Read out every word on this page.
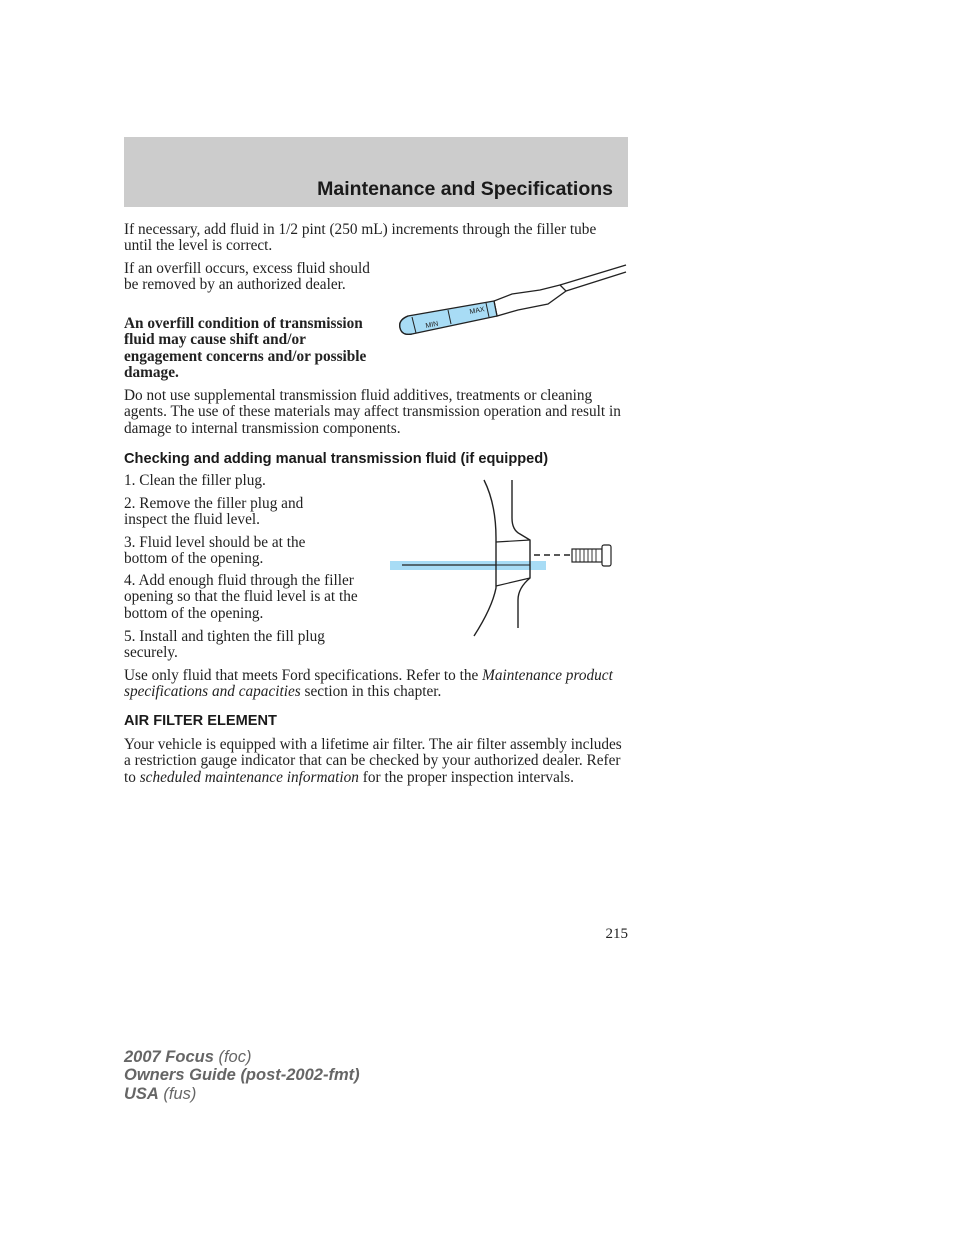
Maintenance and Specifications

If necessary, add fluid in 1/2 pint (250 mL) increments through the filler tube until the level is correct.

If an overfill occurs, excess fluid should be removed by an authorized dealer.

An overfill condition of transmission fluid may cause shift and/or engagement concerns and/or possible damage.

MIN
MAX

Do not use supplemental transmission fluid additives, treatments or cleaning agents. The use of these materials may affect transmission operation and result in damage to internal transmission components.

Checking and adding manual transmission fluid (if equipped)

1. Clean the filler plug.

2. Remove the filler plug and inspect the fluid level.

3. Fluid level should be at the bottom of the opening.

4. Add enough fluid through the filler opening so that the fluid level is at the bottom of the opening.

5. Install and tighten the fill plug securely.

Use only fluid that meets Ford specifications. Refer to the Maintenance product specifications and capacities section in this chapter.

AIR FILTER ELEMENT

Your vehicle is equipped with a lifetime air filter. The air filter assembly includes a restriction gauge indicator that can be checked by your authorized dealer. Refer to scheduled maintenance information for the proper inspection intervals.

215
2007 Focus (foc)
Owners Guide (post-2002-fmt)
USA (fus)
